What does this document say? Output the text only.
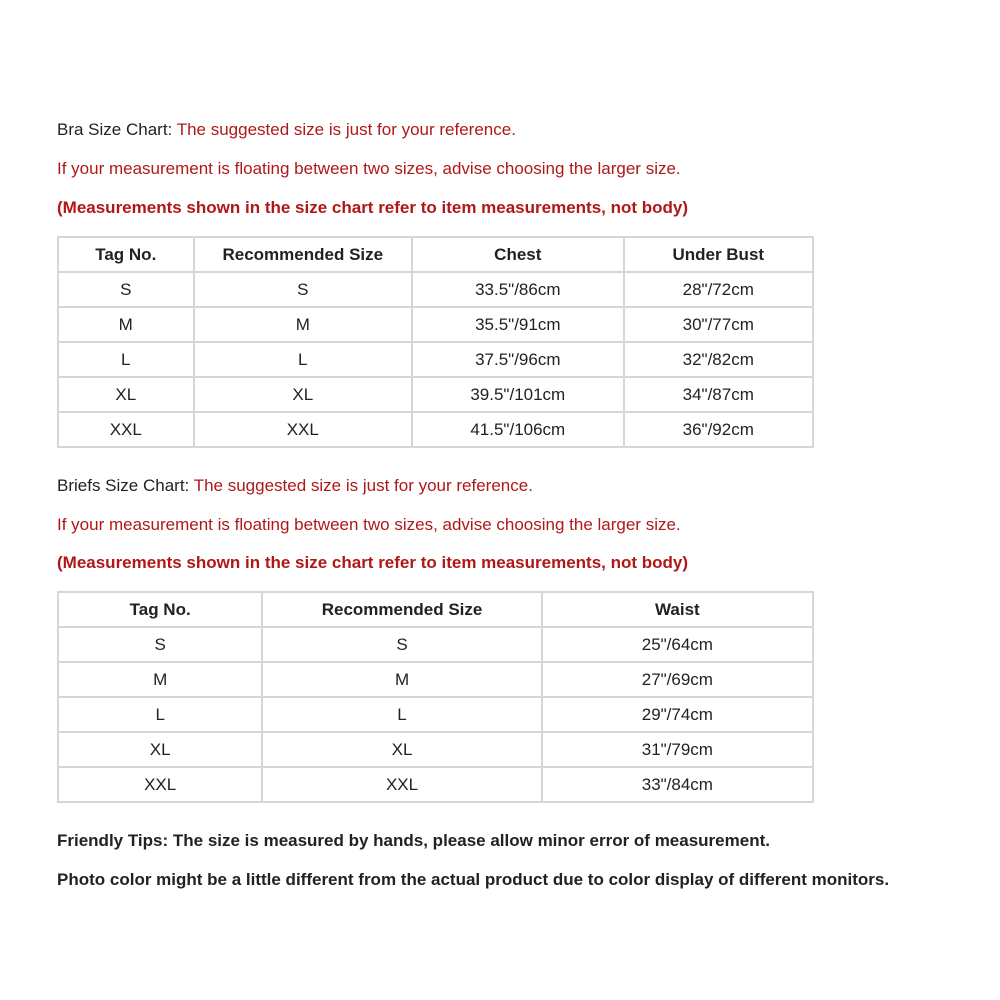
Bra Size Chart: The suggested size is just for your reference.
If your measurement is floating between two sizes, advise choosing the larger size.
(Measurements shown in the size chart refer to item measurements, not body)
Tag No.	Recommended Size	Chest	Under Bust
S	S	33.5"/86cm	28"/72cm
M	M	35.5"/91cm	30"/77cm
L	L	37.5"/96cm	32"/82cm
XL	XL	39.5"/101cm	34"/87cm
XXL	XXL	41.5"/106cm	36"/92cm
Briefs Size Chart: The suggested size is just for your reference.
If your measurement is floating between two sizes, advise choosing the larger size.
(Measurements shown in the size chart refer to item measurements, not body)
Tag No.	Recommended Size	Waist
S	S	25"/64cm
M	M	27"/69cm
L	L	29"/74cm
XL	XL	31"/79cm
XXL	XXL	33"/84cm
Friendly Tips: The size is measured by hands, please allow minor error of measurement.
Photo color might be a little different from the actual product due to color display of different monitors.
